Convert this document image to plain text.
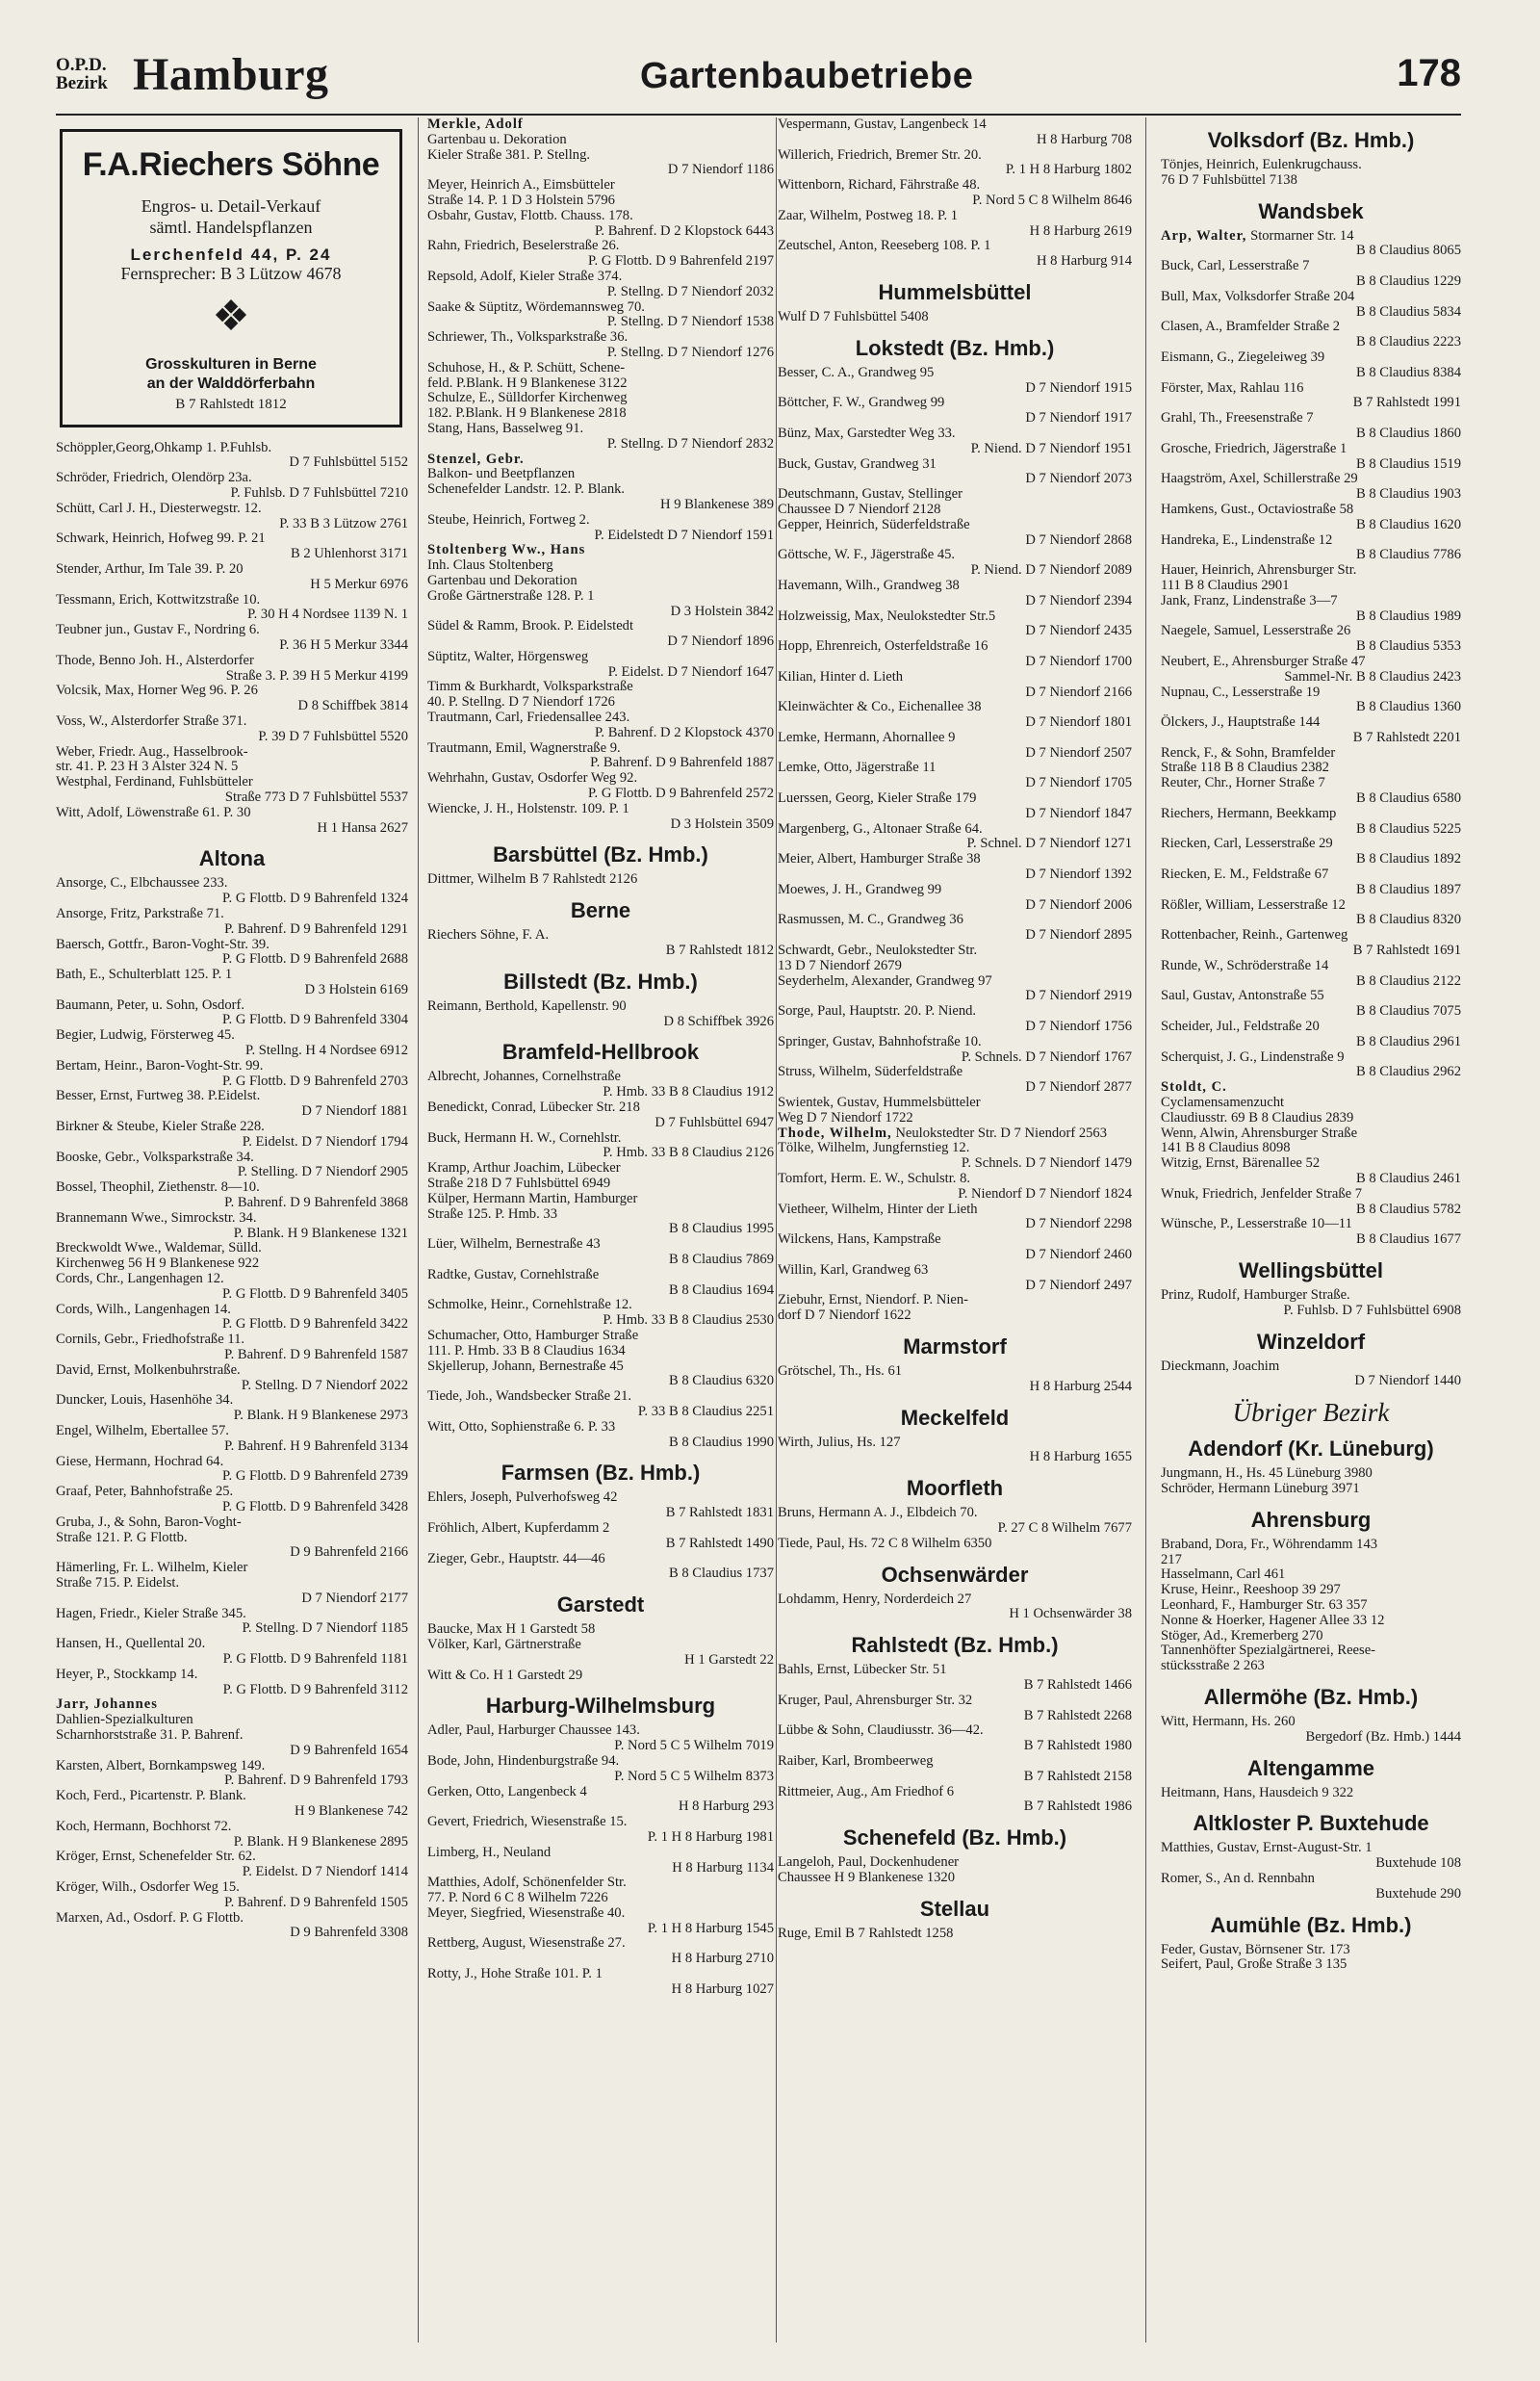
O.P.D.
Bezirk Hamburg	Gartenbaubetriebe	178
F.A.Riechers Söhne
Engros- u. Detail-Verkauf
sämtl. Handelspflanzen
Lerchenfeld 44, P. 24
Fernsprecher: B 3 Lützow 4678
❖
Grosskulturen in Berne
an der Walddörferbahn
B 7 Rahlstedt 1812
Schöppler,Georg,Ohkamp 1. P.Fuhlsb.
D 7 Fuhlsbüttel 5152
Schröder, Friedrich, Olendörp 23a.
P. Fuhlsb. D 7 Fuhlsbüttel 7210
Schütt, Carl J. H., Diesterwegstr. 12.
P. 33 B 3 Lützow 2761
Schwark, Heinrich, Hofweg 99. P. 21
B 2 Uhlenhorst 3171
Stender, Arthur, Im Tale 39. P. 20
H 5 Merkur 6976
Tessmann, Erich, Kottwitzstraße 10.
P. 30 H 4 Nordsee 1139 N. 1
Teubner jun., Gustav F., Nordring 6.
P. 36 H 5 Merkur 3344
Thode, Benno Joh. H., Alsterdorfer
Straße 3. P. 39 H 5 Merkur 4199
Volcsik, Max, Horner Weg 96. P. 26
D 8 Schiffbek 3814
Voss, W., Alsterdorfer Straße 371.
P. 39 D 7 Fuhlsbüttel 5520
Weber, Friedr. Aug., Hasselbrook-
str. 41. P. 23 H 3 Alster 324 N. 5
Westphal, Ferdinand, Fuhlsbütteler
Straße 773 D 7 Fuhlsbüttel 5537
Witt, Adolf, Löwenstraße 61. P. 30
H 1 Hansa 2627
Altona
Ansorge, C., Elbchaussee 233.
P. G Flottb. D 9 Bahrenfeld 1324
Ansorge, Fritz, Parkstraße 71.
P. Bahrenf. D 9 Bahrenfeld 1291
Baersch, Gottfr., Baron-Voght-Str. 39.
P. G Flottb. D 9 Bahrenfeld 2688
Bath, E., Schulterblatt 125. P. 1
D 3 Holstein 6169
Baumann, Peter, u. Sohn, Osdorf.
P. G Flottb. D 9 Bahrenfeld 3304
Begier, Ludwig, Försterweg 45.
P. Stellng. H 4 Nordsee 6912
Bertam, Heinr., Baron-Voght-Str. 99.
P. G Flottb. D 9 Bahrenfeld 2703
Besser, Ernst, Furtweg 38. P.Eidelst.
D 7 Niendorf 1881
Birkner & Steube, Kieler Straße 228.
P. Eidelst. D 7 Niendorf 1794
Booske, Gebr., Volksparkstraße 34.
P. Stelling. D 7 Niendorf 2905
Bossel, Theophil, Ziethenstr. 8—10.
P. Bahrenf. D 9 Bahrenfeld 3868
Brannemann Wwe., Simrockstr. 34.
P. Blank. H 9 Blankenese 1321
Breckwoldt Wwe., Waldemar, Sülld.
Kirchenweg 56 H 9 Blankenese 922
Cords, Chr., Langenhagen 12.
P. G Flottb. D 9 Bahrenfeld 3405
Cords, Wilh., Langenhagen 14.
P. G Flottb. D 9 Bahrenfeld 3422
Cornils, Gebr., Friedhofstraße 11.
P. Bahrenf. D 9 Bahrenfeld 1587
David, Ernst, Molkenbuhrstraße.
P. Stellng. D 7 Niendorf 2022
Duncker, Louis, Hasenhöhe 34.
P. Blank. H 9 Blankenese 2973
Engel, Wilhelm, Ebertallee 57.
P. Bahrenf. H 9 Bahrenfeld 3134
Giese, Hermann, Hochrad 64.
P. G Flottb. D 9 Bahrenfeld 2739
Graaf, Peter, Bahnhofstraße 25.
P. G Flottb. D 9 Bahrenfeld 3428
Gruba, J., & Sohn, Baron-Voght-
Straße 121. P. G Flottb.
D 9 Bahrenfeld 2166
Hämerling, Fr. L. Wilhelm, Kieler
Straße 715. P. Eidelst.
D 7 Niendorf 2177
Hagen, Friedr., Kieler Straße 345.
P. Stellng. D 7 Niendorf 1185
Hansen, H., Quellental 20.
P. G Flottb. D 9 Bahrenfeld 1181
Heyer, P., Stockkamp 14.
P. G Flottb. D 9 Bahrenfeld 3112
Jarr, Johannes
Dahlien-Spezialkulturen
Scharnhorststraße 31. P. Bahrenf.
D 9 Bahrenfeld 1654
Karsten, Albert, Bornkampsweg 149.
P. Bahrenf. D 9 Bahrenfeld 1793
Koch, Ferd., Picartenstr. P. Blank.
H 9 Blankenese 742
Koch, Hermann, Bochhorst 72.
P. Blank. H 9 Blankenese 2895
Kröger, Ernst, Schenefelder Str. 62.
P. Eidelst. D 7 Niendorf 1414
Kröger, Wilh., Osdorfer Weg 15.
P. Bahrenf. D 9 Bahrenfeld 1505
Marxen, Ad., Osdorf. P. G Flottb.
D 9 Bahrenfeld 3308
Merkle, Adolf
Gartenbau u. Dekoration
Kieler Straße 381. P. Stellng.
D 7 Niendorf 1186
Meyer, Heinrich A., Eimsbütteler
Straße 14. P. 1 D 3 Holstein 5796
Osbahr, Gustav, Flottb. Chauss. 178.
P. Bahrenf. D 2 Klopstock 6443
Rahn, Friedrich, Beselerstraße 26.
P. G Flottb. D 9 Bahrenfeld 2197
Repsold, Adolf, Kieler Straße 374.
P. Stellng. D 7 Niendorf 2032
Saake & Süptitz, Wördemannsweg 70.
P. Stellng. D 7 Niendorf 1538
Schriewer, Th., Volksparkstraße 36.
P. Stellng. D 7 Niendorf 1276
Schuhose, H., & P. Schütt, Schene-
feld. P.Blank. H 9 Blankenese 3122
Schulze, E., Sülldorfer Kirchenweg
182. P.Blank. H 9 Blankenese 2818
Stang, Hans, Basselweg 91.
P. Stellng. D 7 Niendorf 2832
Stenzel, Gebr.
Balkon- und Beetpflanzen
Schenefelder Landstr. 12. P. Blank.
H 9 Blankenese 389
Steube, Heinrich, Fortweg 2.
P. Eidelstedt D 7 Niendorf 1591
Stoltenberg Ww., Hans
Inh. Claus Stoltenberg
Gartenbau und Dekoration
Große Gärtnerstraße 128. P. 1
D 3 Holstein 3842
Südel & Ramm, Brook. P. Eidelstedt
D 7 Niendorf 1896
Süptitz, Walter, Hörgensweg
P. Eidelst. D 7 Niendorf 1647
Timm & Burkhardt, Volksparkstraße
40. P. Stellng. D 7 Niendorf 1726
Trautmann, Carl, Friedensallee 243.
P. Bahrenf. D 2 Klopstock 4370
Trautmann, Emil, Wagnerstraße 9.
P. Bahrenf. D 9 Bahrenfeld 1887
Wehrhahn, Gustav, Osdorfer Weg 92.
P. G Flottb. D 9 Bahrenfeld 2572
Wiencke, J. H., Holstenstr. 109. P. 1
D 3 Holstein 3509
Barsbüttel (Bz. Hmb.)
Dittmer, Wilhelm B 7 Rahlstedt 2126
Berne
Riechers Söhne, F. A.
B 7 Rahlstedt 1812
Billstedt (Bz. Hmb.)
Reimann, Berthold, Kapellenstr. 90
D 8 Schiffbek 3926
Bramfeld-Hellbrook
Albrecht, Johannes, Cornelhstraße
P. Hmb. 33 B 8 Claudius 1912
Benedickt, Conrad, Lübecker Str. 218
D 7 Fuhlsbüttel 6947
Buck, Hermann H. W., Cornehlstr.
P. Hmb. 33 B 8 Claudius 2126
Kramp, Arthur Joachim, Lübecker
Straße 218 D 7 Fuhlsbüttel 6949
Külper, Hermann Martin, Hamburger
Straße 125. P. Hmb. 33
B 8 Claudius 1995
Lüer, Wilhelm, Bernestraße 43
B 8 Claudius 7869
Radtke, Gustav, Cornehlstraße
B 8 Claudius 1694
Schmolke, Heinr., Cornehlstraße 12.
P. Hmb. 33 B 8 Claudius 2530
Schumacher, Otto, Hamburger Straße
111. P. Hmb. 33 B 8 Claudius 1634
Skjellerup, Johann, Bernestraße 45
B 8 Claudius 6320
Tiede, Joh., Wandsbecker Straße 21.
P. 33 B 8 Claudius 2251
Witt, Otto, Sophienstraße 6. P. 33
B 8 Claudius 1990
Farmsen (Bz. Hmb.)
Ehlers, Joseph, Pulverhofsweg 42
B 7 Rahlstedt 1831
Fröhlich, Albert, Kupferdamm 2
B 7 Rahlstedt 1490
Zieger, Gebr., Hauptstr. 44—46
B 8 Claudius 1737
Garstedt
Baucke, Max H 1 Garstedt 58
Völker, Karl, Gärtnerstraße
H 1 Garstedt 22
Witt & Co. H 1 Garstedt 29
Harburg-Wilhelmsburg
Adler, Paul, Harburger Chaussee 143.
P. Nord 5 C 5 Wilhelm 7019
Bode, John, Hindenburgstraße 94.
P. Nord 5 C 5 Wilhelm 8373
Gerken, Otto, Langenbeck 4
H 8 Harburg 293
Gevert, Friedrich, Wiesenstraße 15.
P. 1 H 8 Harburg 1981
Limberg, H., Neuland
H 8 Harburg 1134
Matthies, Adolf, Schönenfelder Str.
77. P. Nord 6 C 8 Wilhelm 7226
Meyer, Siegfried, Wiesenstraße 40.
P. 1 H 8 Harburg 1545
Rettberg, August, Wiesenstraße 27.
H 8 Harburg 2710
Rotty, J., Hohe Straße 101. P. 1
H 8 Harburg 1027
Vespermann, Gustav, Langenbeck 14
H 8 Harburg 708
Willerich, Friedrich, Bremer Str. 20.
P. 1 H 8 Harburg 1802
Wittenborn, Richard, Fährstraße 48.
P. Nord 5 C 8 Wilhelm 8646
Zaar, Wilhelm, Postweg 18. P. 1
H 8 Harburg 2619
Zeutschel, Anton, Reeseberg 108. P. 1
H 8 Harburg 914
Hummelsbüttel
Wulf D 7 Fuhlsbüttel 5408
Lokstedt (Bz. Hmb.)
Besser, C. A., Grandweg 95
D 7 Niendorf 1915
Böttcher, F. W., Grandweg 99
D 7 Niendorf 1917
Bünz, Max, Garstedter Weg 33.
P. Niend. D 7 Niendorf 1951
Buck, Gustav, Grandweg 31
D 7 Niendorf 2073
Deutschmann, Gustav, Stellinger
Chaussee D 7 Niendorf 2128
Gepper, Heinrich, Süderfeldstraße
D 7 Niendorf 2868
Göttsche, W. F., Jägerstraße 45.
P. Niend. D 7 Niendorf 2089
Havemann, Wilh., Grandweg 38
D 7 Niendorf 2394
Holzweissig, Max, Neulokstedter Str.5
D 7 Niendorf 2435
Hopp, Ehrenreich, Osterfeldstraße 16
D 7 Niendorf 1700
Kilian, Hinter d. Lieth
D 7 Niendorf 2166
Kleinwächter & Co., Eichenallee 38
D 7 Niendorf 1801
Lemke, Hermann, Ahornallee 9
D 7 Niendorf 2507
Lemke, Otto, Jägerstraße 11
D 7 Niendorf 1705
Luerssen, Georg, Kieler Straße 179
D 7 Niendorf 1847
Margenberg, G., Altonaer Straße 64.
P. Schnel. D 7 Niendorf 1271
Meier, Albert, Hamburger Straße 38
D 7 Niendorf 1392
Moewes, J. H., Grandweg 99
D 7 Niendorf 2006
Rasmussen, M. C., Grandweg 36
D 7 Niendorf 2895
Schwardt, Gebr., Neulokstedter Str.
13 D 7 Niendorf 2679
Seyderhelm, Alexander, Grandweg 97
D 7 Niendorf 2919
Sorge, Paul, Hauptstr. 20. P. Niend.
D 7 Niendorf 1756
Springer, Gustav, Bahnhofstraße 10.
P. Schnels. D 7 Niendorf 1767
Struss, Wilhelm, Süderfeldstraße
D 7 Niendorf 2877
Swientek, Gustav, Hummelsbütteler
Weg D 7 Niendorf 1722
Thode, Wilhelm, Neulokstedter Str. D 7 Niendorf 2563
Tölke, Wilhelm, Jungfernstieg 12.
P. Schnels. D 7 Niendorf 1479
Tomfort, Herm. E. W., Schulstr. 8.
P. Niendorf D 7 Niendorf 1824
Vietheer, Wilhelm, Hinter der Lieth
D 7 Niendorf 2298
Wilckens, Hans, Kampstraße
D 7 Niendorf 2460
Willin, Karl, Grandweg 63
D 7 Niendorf 2497
Ziebuhr, Ernst, Niendorf. P. Nien-
dorf D 7 Niendorf 1622
Marmstorf
Grötschel, Th., Hs. 61
H 8 Harburg 2544
Meckelfeld
Wirth, Julius, Hs. 127
H 8 Harburg 1655
Moorfleth
Bruns, Hermann A. J., Elbdeich 70.
P. 27 C 8 Wilhelm 7677
Tiede, Paul, Hs. 72 C 8 Wilhelm 6350
Ochsenwärder
Lohdamm, Henry, Norderdeich 27
H 1 Ochsenwärder 38
Rahlstedt (Bz. Hmb.)
Bahls, Ernst, Lübecker Str. 51
B 7 Rahlstedt 1466
Kruger, Paul, Ahrensburger Str. 32
B 7 Rahlstedt 2268
Lübbe & Sohn, Claudiusstr. 36—42.
B 7 Rahlstedt 1980
Raiber, Karl, Brombeerweg
B 7 Rahlstedt 2158
Rittmeier, Aug., Am Friedhof 6
B 7 Rahlstedt 1986
Schenefeld (Bz. Hmb.)
Langeloh, Paul, Dockenhudener
Chaussee H 9 Blankenese 1320
Stellau
Ruge, Emil B 7 Rahlstedt 1258
Volksdorf (Bz. Hmb.)
Tönjes, Heinrich, Eulenkrugchauss.
76 D 7 Fuhlsbüttel 7138
Wandsbek
Arp, Walter, Stormarner Str. 14
B 8 Claudius 8065
Buck, Carl, Lesserstraße 7
B 8 Claudius 1229
Bull, Max, Volksdorfer Straße 204
B 8 Claudius 5834
Clasen, A., Bramfelder Straße 2
B 8 Claudius 2223
Eismann, G., Ziegeleiweg 39
B 8 Claudius 8384
Förster, Max, Rahlau 116
B 7 Rahlstedt 1991
Grahl, Th., Freesenstraße 7
B 8 Claudius 1860
Grosche, Friedrich, Jägerstraße 1
B 8 Claudius 1519
Haagström, Axel, Schillerstraße 29
B 8 Claudius 1903
Hamkens, Gust., Octaviostraße 58
B 8 Claudius 1620
Handreka, E., Lindenstraße 12
B 8 Claudius 7786
Hauer, Heinrich, Ahrensburger Str.
111 B 8 Claudius 2901
Jank, Franz, Lindenstraße 3—7
B 8 Claudius 1989
Naegele, Samuel, Lesserstraße 26
B 8 Claudius 5353
Neubert, E., Ahrensburger Straße 47
Sammel-Nr. B 8 Claudius 2423
Nupnau, C., Lesserstraße 19
B 8 Claudius 1360
Ölckers, J., Hauptstraße 144
B 7 Rahlstedt 2201
Renck, F., & Sohn, Bramfelder
Straße 118 B 8 Claudius 2382
Reuter, Chr., Horner Straße 7
B 8 Claudius 6580
Riechers, Hermann, Beekkamp
B 8 Claudius 5225
Riecken, Carl, Lesserstraße 29
B 8 Claudius 1892
Riecken, E. M., Feldstraße 67
B 8 Claudius 1897
Rößler, William, Lesserstraße 12
B 8 Claudius 8320
Rottenbacher, Reinh., Gartenweg
B 7 Rahlstedt 1691
Runde, W., Schröderstraße 14
B 8 Claudius 2122
Saul, Gustav, Antonstraße 55
B 8 Claudius 7075
Scheider, Jul., Feldstraße 20
B 8 Claudius 2961
Scherquist, J. G., Lindenstraße 9
B 8 Claudius 2962
Stoldt, C.
Cyclamensamenzucht
Claudiusstr. 69 B 8 Claudius 2839
Wenn, Alwin, Ahrensburger Straße
141 B 8 Claudius 8098
Witzig, Ernst, Bärenallee 52
B 8 Claudius 2461
Wnuk, Friedrich, Jenfelder Straße 7
B 8 Claudius 5782
Wünsche, P., Lesserstraße 10—11
B 8 Claudius 1677
Wellingsbüttel
Prinz, Rudolf, Hamburger Straße.
P. Fuhlsb. D 7 Fuhlsbüttel 6908
Winzeldorf
Dieckmann, Joachim
D 7 Niendorf 1440
Übriger Bezirk
Adendorf (Kr. Lüneburg)
Jungmann, H., Hs. 45 Lüneburg 3980
Schröder, Hermann Lüneburg 3971
Ahrensburg
Braband, Dora, Fr., Wöhrendamm 143
217
Hasselmann, Carl 461
Kruse, Heinr., Reeshoop 39 297
Leonhard, F., Hamburger Str. 63 357
Nonne & Hoerker, Hagener Allee 33 12
Stöger, Ad., Kremerberg 270
Tannenhöfter Spezialgärtnerei, Reese-
stücksstraße 2 263
Allermöhe (Bz. Hmb.)
Witt, Hermann, Hs. 260
Bergedorf (Bz. Hmb.) 1444
Altengamme
Heitmann, Hans, Hausdeich 9 322
Altkloster P. Buxtehude
Matthies, Gustav, Ernst-August-Str. 1
Buxtehude 108
Romer, S., An d. Rennbahn
Buxtehude 290
Aumühle (Bz. Hmb.)
Feder, Gustav, Börnsener Str. 173
Seifert, Paul, Große Straße 3 135
